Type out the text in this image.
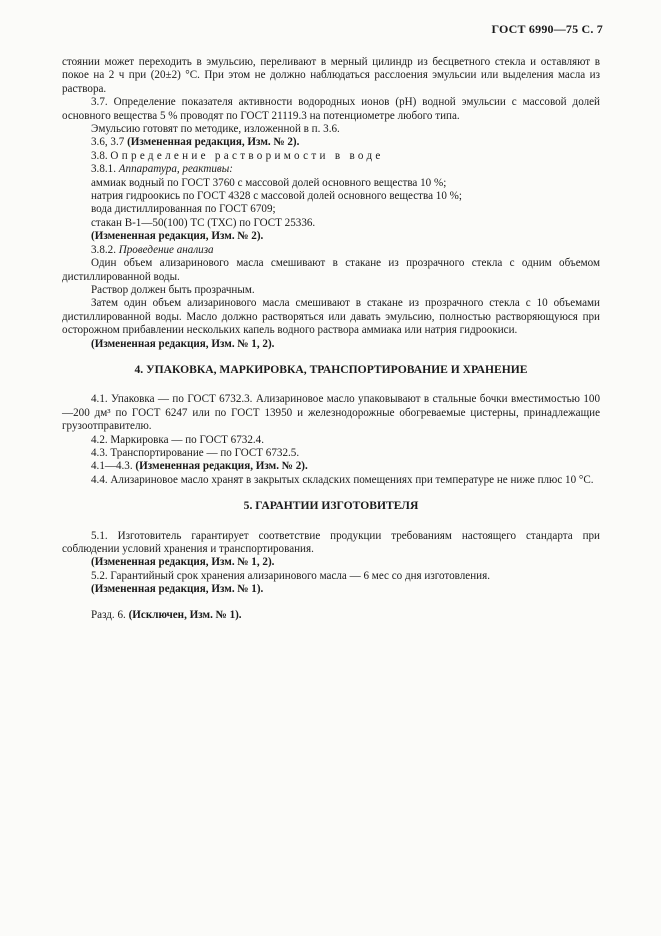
ГОСТ 6990—75 С. 7

стоянии может переходить в эмульсию, переливают в мерный цилиндр из бесцветного стекла и оставляют в покое на 2 ч при (20±2) °С. При этом не должно наблюдаться расслоения эмульсии или выделения масла из раствора.

3.7. Определение показателя активности водородных ионов (pH) водной эмульсии с массовой долей основного вещества 5 % проводят по ГОСТ 21119.3 на потенциометре любого типа.

Эмульсию готовят по методике, изложенной в п. 3.6.

3.6, 3.7 (Измененная редакция, Изм. № 2).

3.8. Определение растворимости в воде

3.8.1. Аппаратура, реактивы:

аммиак водный по ГОСТ 3760 с массовой долей основного вещества 10 %;

натрия гидроокись по ГОСТ 4328 с массовой долей основного вещества 10 %;

вода дистиллированная по ГОСТ 6709;

стакан В-1—50(100) ТС (ТХС) по ГОСТ 25336.

(Измененная редакция, Изм. № 2).

3.8.2. Проведение анализа

Один объем ализаринового масла смешивают в стакане из прозрачного стекла с одним объемом дистиллированной воды.

Раствор должен быть прозрачным.

Затем один объем ализаринового масла смешивают в стакане из прозрачного стекла с 10 объемами дистиллированной воды. Масло должно растворяться или давать эмульсию, полностью растворяющуюся при осторожном прибавлении нескольких капель водного раствора аммиака или натрия гидроокиси.

(Измененная редакция, Изм. № 1, 2).

4. УПАКОВКА, МАРКИРОВКА, ТРАНСПОРТИРОВАНИЕ И ХРАНЕНИЕ

4.1. Упаковка — по ГОСТ 6732.3. Ализариновое масло упаковывают в стальные бочки вместимостью 100—200 дм³ по ГОСТ 6247 или по ГОСТ 13950 и железнодорожные обогреваемые цистерны, принадлежащие грузоотправителю.

4.2. Маркировка — по ГОСТ 6732.4.

4.3. Транспортирование — по ГОСТ 6732.5.

4.1—4.3. (Измененная редакция, Изм. № 2).

4.4. Ализариновое масло хранят в закрытых складских помещениях при температуре не ниже плюс 10 °С.

5. ГАРАНТИИ ИЗГОТОВИТЕЛЯ

5.1. Изготовитель гарантирует соответствие продукции требованиям настоящего стандарта при соблюдении условий хранения и транспортирования.

(Измененная редакция, Изм. № 1, 2).

5.2. Гарантийный срок хранения ализаринового масла — 6 мес со дня изготовления.

(Измененная редакция, Изм. № 1).

Разд. 6. (Исключен, Изм. № 1).
